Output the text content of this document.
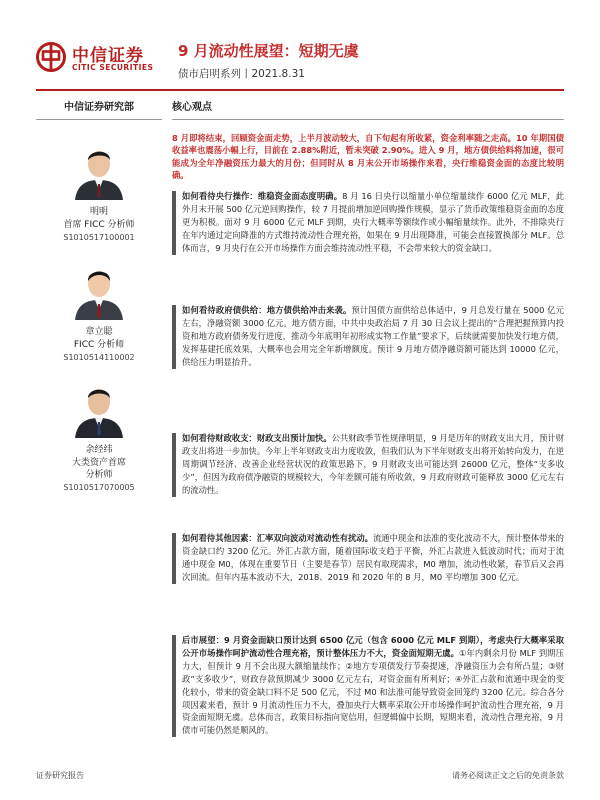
中信证券
CITIC SECURITIES
9 月流动性展望：短期无虞
债市启明系列丨2021.8.31
中信证券研究部
明明
首席 FICC 分析师
S1010517100001
章立聪
FICC 分析师
S1010514110002
余经纬
大类资产首席
分析师
S1010517070005
核心观点
8 月即将结束，回顾资金面走势，上半月波动较大，自下旬起有所收紧，资金利率随之走高。10 年期国债收益率也震荡小幅上行，目前在 2.88%附近，暂未突破 2.90%。进入 9 月，地方债供给料将加速，很可能成为全年净融资压力最大的月份；但同时从 8 月末公开市场操作来看，央行维稳资金面的态度比较明确。
如何看待央行操作：维稳资金面态度明确。8 月 16 日央行以缩量小单位缩量续作 6000 亿元 MLF，此外月末开展 500 亿元逆回购操作，较 7 月提前增加逆回购操作规模，显示了货币政策维稳资金面的态度更为积极。面对 9 月 6000 亿元 MLF 到期，央行大概率等额续作或小幅缩量续作。此外，不排除央行在年内通过定向降准的方式维持流动性合理充裕，如果在 9 月出现降准，可能会直接置换部分 MLF。总体而言，9 月央行在公开市场操作方面会维持流动性平稳，不会带来较大的资金缺口。
如何看待政府债供给：地方债供给冲击来袭。预计国债方面供给总体适中，9 月总发行量在 5000 亿元左右，净融资额 3000 亿元。地方债方面，中共中央政治局 7 月 30 日会议上提出的“合理把握预算内投资和地方政府债务发行进度，推动今年底明年初形成实物工作量”要求下，后续就需要加快发行地方债，发挥基建托底效果，大概率也会用完全年新增额度。预计 9 月地方债净融资额可能达到 10000 亿元，供给压力明显抬升。
如何看待财政收支：财政支出预计加快。公共财政季节性规律明显，9 月是历年的财政支出大月，预计财政支出将进一步加快。今年上半年财政支出力度收敛，但我们认为下半年财政支出将开始转向发力，在逆周期调节经济、改善企业经营状况的政策思路下，9 月财政支出可能达到 26000 亿元，整体“支多收少”，但因为政府债净融资的规模较大，今年差额可能有所收敛，9 月政府财政可能释放 3000 亿元左右的流动性。
如何看待其他因素：汇率双向波动对流动性有扰动。流通中现金和法准的变化波动不大，预计整体带来的资金缺口约 3200 亿元。外汇占款方面，随着国际收支趋于平衡，外汇占款进入低波动时代；而对于流通中现金 M0，体现在重要节日（主要是春节）居民有取现需求，M0 增加，流动性收紧，春节后又会再次回流。但年内基本波动不大，2018、2019 和 2020 年的 8 月，M0 平均增加 300 亿元。
后市展望：9 月资金面缺口预计达到 6500 亿元（包含 6000 亿元 MLF 到期），考虑央行大概率采取公开市场操作呵护流动性合理充裕，预计整体压力不大，资金面短期无虞。①年内剩余月份 MLF 到期压力大，但预计 9 月不会出现大额缩量续作；②地方专项债发行节奏提速，净融资压力会有所凸显；③财政“支多收少”，财政存款预期减少 3000 亿元左右，对资金面有所利好；④外汇占款和流通中现金的变化较小，带来的资金缺口料不足 500 亿元，不过 M0 和法准可能导致资金回笼约 3200 亿元。综合各分项因素来看，预计 9 月流动性压力不大，叠加央行大概率采取公开市场操作呵护流动性合理充裕，9 月资金面短期无虞。总体而言，政策目标指向宽信用，但逻辑偏中长期，短期来看，流动性合理充裕，9 月债市可能仍然是顺风的。
证券研究报告	请务必阅读正文之后的免责条款
